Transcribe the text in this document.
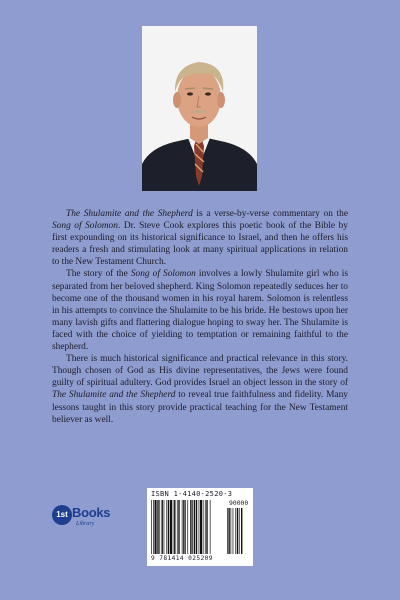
The Shulamite and the Shepherd is a verse-by-verse commentary on the Song of Solomon. Dr. Steve Cook explores this poetic book of the Bible by first expounding on its historical significance to Israel, and then he offers his readers a fresh and stimulating look at many spiritual applications in relation to the New Testament Church.

The story of the Song of Solomon involves a lowly Shulamite girl who is separated from her beloved shepherd. King Solomon repeatedly seduces her to become one of the thousand women in his royal harem. Solomon is relentless in his attempts to convince the Shulamite to be his bride. He bestows upon her many lavish gifts and flattering dialogue hoping to sway her. The Shulamite is faced with the choice of yielding to temptation or remaining faithful to the shepherd.

There is much historical significance and practical relevance in this story. Though chosen of God as His divine representatives, the Jews were found guilty of spiritual adultery. God provides Israel an object lesson in the story of The Shulamite and the Shepherd to reveal true faithfulness and fidelity. Many lessons taught in this story provide practical teaching for the New Testament believer as well.

1st Books
Library
ISBN 1-4140-2520-3
90000
9 781414 025209
